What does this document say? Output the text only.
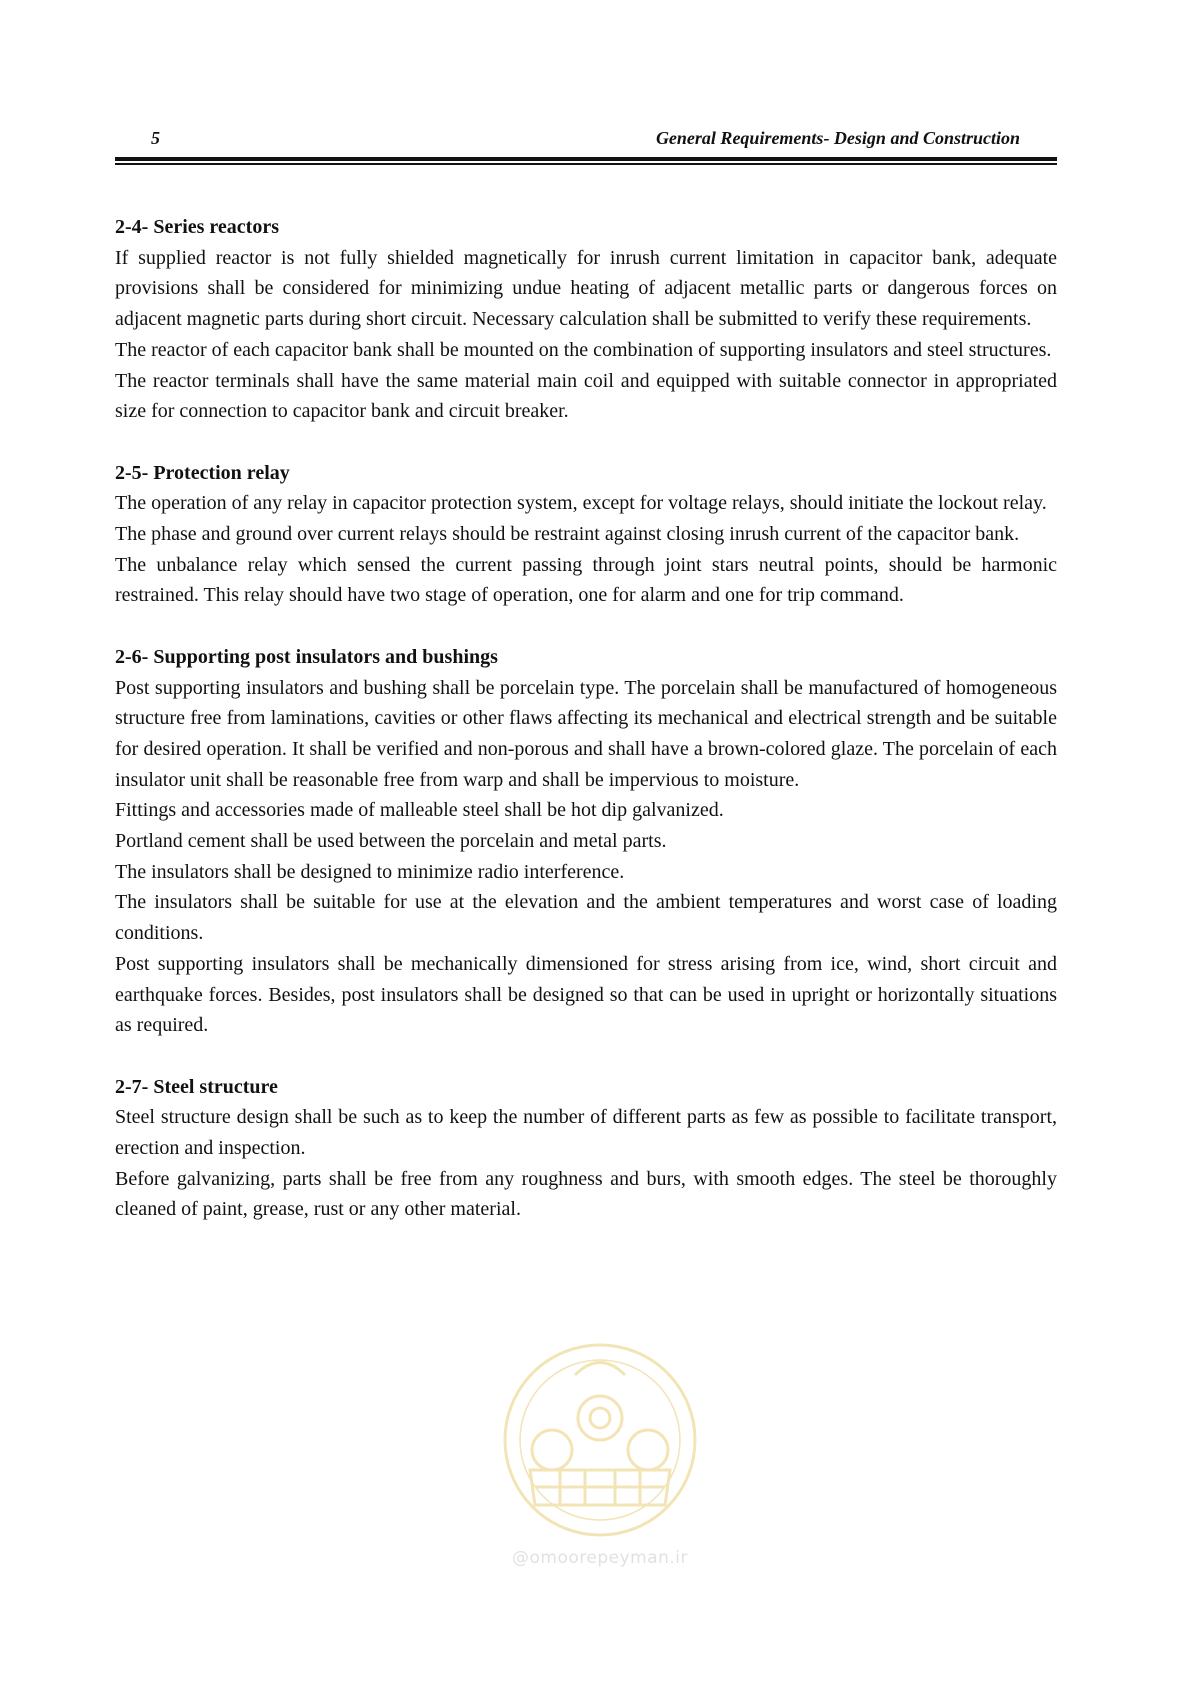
5	General Requirements- Design and Construction
2-4- Series reactors

If supplied reactor is not fully shielded magnetically for inrush current limitation in capacitor bank, adequate provisions shall be considered for minimizing undue heating of adjacent metallic parts or dangerous forces on adjacent magnetic parts during short circuit. Necessary calculation shall be submitted to verify these requirements.

The reactor of each capacitor bank shall be mounted on the combination of supporting insulators and steel structures.

The reactor terminals shall have the same material main coil and equipped with suitable connector in appropriated size for connection to capacitor bank and circuit breaker.

2-5- Protection relay

The operation of any relay in capacitor protection system, except for voltage relays, should initiate the lockout relay.

The phase and ground over current relays should be restraint against closing inrush current of the capacitor bank.

The unbalance relay which sensed the current passing through joint stars neutral points, should be harmonic restrained. This relay should have two stage of operation, one for alarm and one for trip command.

2-6- Supporting post insulators and bushings

Post supporting insulators and bushing shall be porcelain type. The porcelain shall be manufactured of homogeneous structure free from laminations, cavities or other flaws affecting its mechanical and electrical strength and be suitable for desired operation. It shall be verified and non-porous and shall have a brown-colored glaze. The porcelain of each insulator unit shall be reasonable free from warp and shall be impervious to moisture.

Fittings and accessories made of malleable steel shall be hot dip galvanized.

Portland cement shall be used between the porcelain and metal parts.

The insulators shall be designed to minimize radio interference.

The insulators shall be suitable for use at the elevation and the ambient temperatures and worst case of loading conditions.

Post supporting insulators shall be mechanically dimensioned for stress arising from ice, wind, short circuit and earthquake forces. Besides, post insulators shall be designed so that can be used in upright or horizontally situations as required.

2-7- Steel structure

Steel structure design shall be such as to keep the number of different parts as few as possible to facilitate transport, erection and inspection.

Before galvanizing, parts shall be free from any roughness and burs, with smooth edges. The steel be thoroughly cleaned of paint, grease, rust or any other material.

@omoorepeyman.ir
